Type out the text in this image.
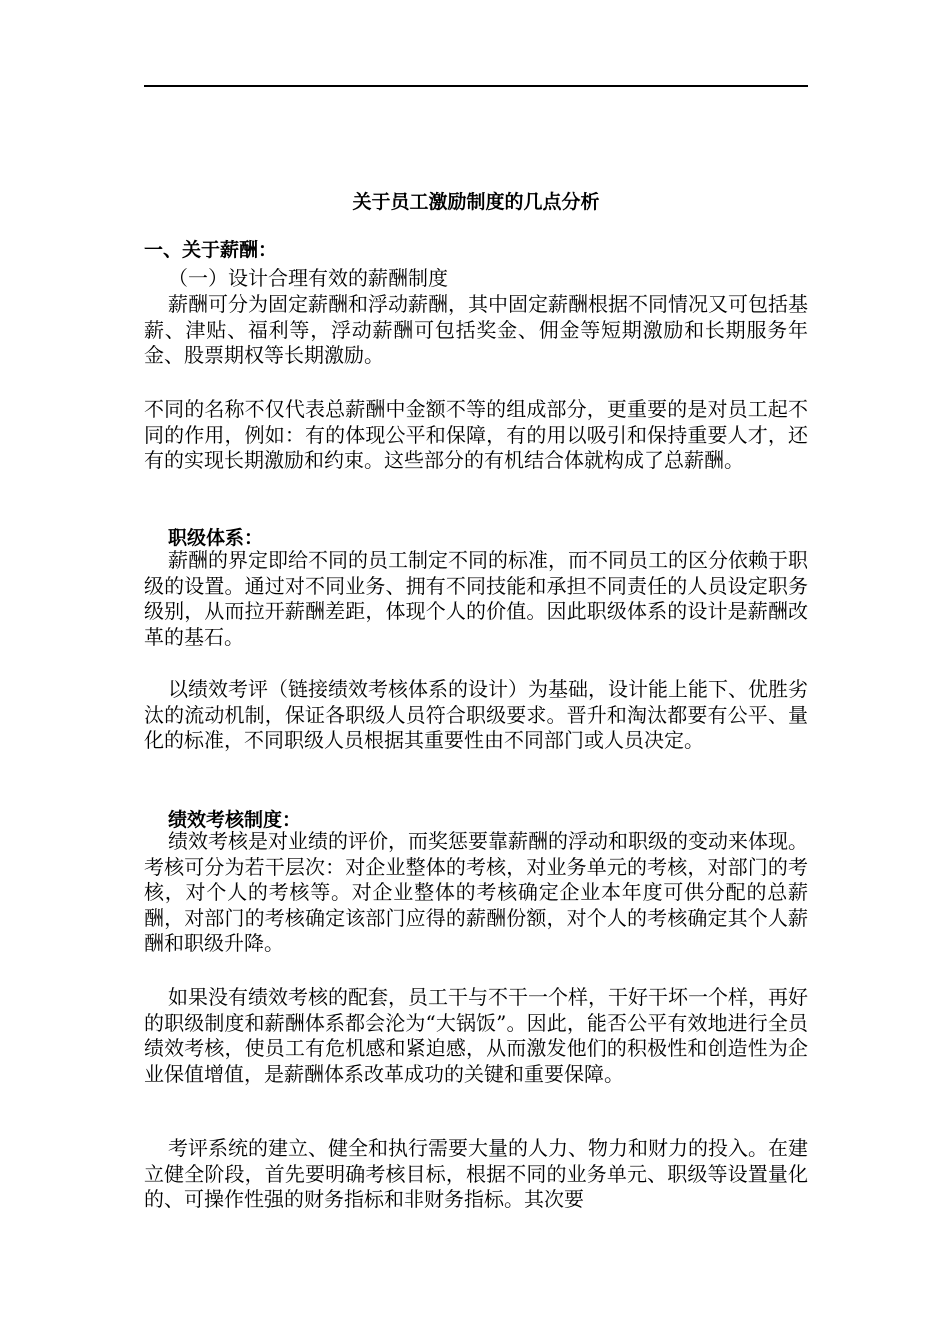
关于员工激励制度的几点分析
一、关于薪酬：

（一）设计合理有效的薪酬制度

薪酬可分为固定薪酬和浮动薪酬，其中固定薪酬根据不同情况又可包括基薪、津贴、福利等，浮动薪酬可包括奖金、佣金等短期激励和长期服务年金、股票期权等长期激励。

不同的名称不仅代表总薪酬中金额不等的组成部分，更重要的是对员工起不同的作用，例如：有的体现公平和保障，有的用以吸引和保持重要人才，还有的实现长期激励和约束。这些部分的有机结合体就构成了总薪酬。

职级体系：

薪酬的界定即给不同的员工制定不同的标准，而不同员工的区分依赖于职级的设置。通过对不同业务、拥有不同技能和承担不同责任的人员设定职务级别，从而拉开薪酬差距，体现个人的价值。因此职级体系的设计是薪酬改革的基石。

以绩效考评（链接绩效考核体系的设计）为基础，设计能上能下、优胜劣汰的流动机制，保证各职级人员符合职级要求。晋升和淘汰都要有公平、量化的标准，不同职级人员根据其重要性由不同部门或人员决定。

绩效考核制度：

绩效考核是对业绩的评价，而奖惩要靠薪酬的浮动和职级的变动来体现。考核可分为若干层次：对企业整体的考核，对业务单元的考核，对部门的考核，对个人的考核等。对企业整体的考核确定企业本年度可供分配的总薪酬，对部门的考核确定该部门应得的薪酬份额，对个人的考核确定其个人薪酬和职级升降。

如果没有绩效考核的配套，员工干与不干一个样，干好干坏一个样，再好的职级制度和薪酬体系都会沦为“大锅饭”。因此，能否公平有效地进行全员绩效考核，使员工有危机感和紧迫感，从而激发他们的积极性和创造性为企业保值增值，是薪酬体系改革成功的关键和重要保障。

考评系统的建立、健全和执行需要大量的人力、物力和财力的投入。在建立健全阶段，首先要明确考核目标，根据不同的业务单元、职级等设置量化的、可操作性强的财务指标和非财务指标。其次要
